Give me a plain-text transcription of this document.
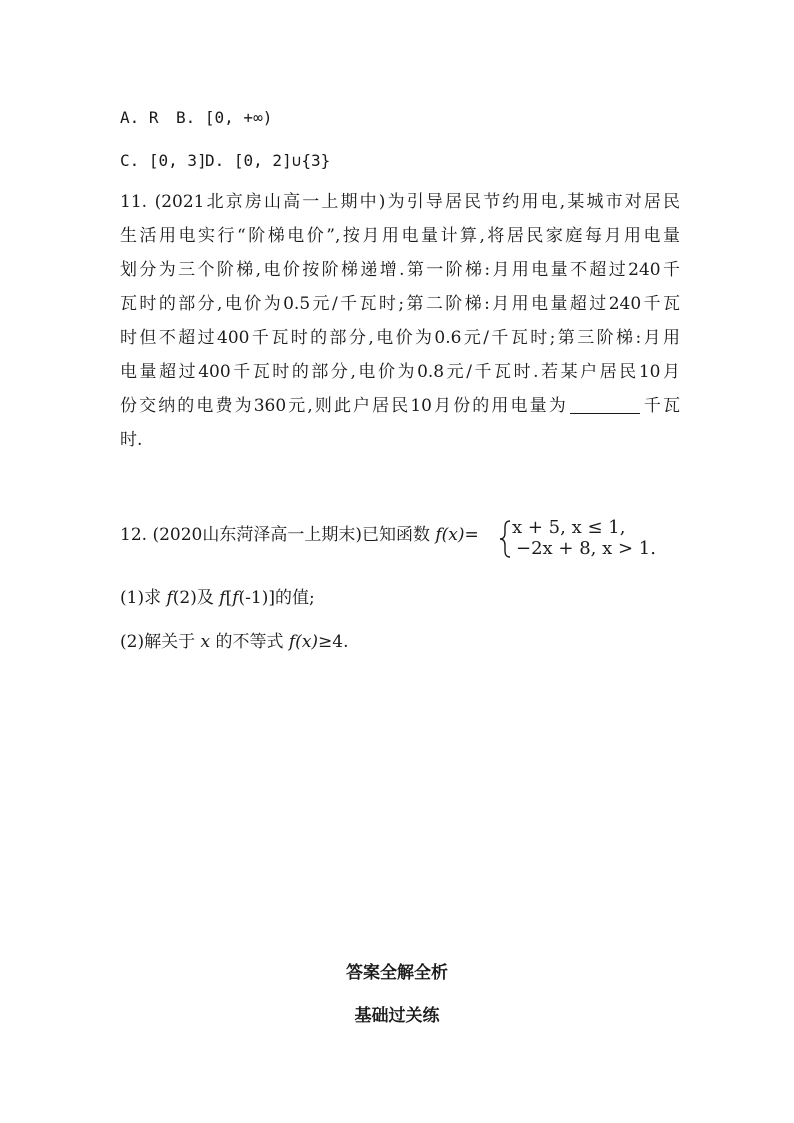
A. R B. [0, +∞)
C. [0, 3]
D. [0, 2]∪{3}
11. (2021北京房山高一上期中)为引导居民节约用电,某城市对居民
生活用电实行“阶梯电价”,按月用电量计算,将居民家庭每月用电量
划分为三个阶梯,电价按阶梯递增.第一阶梯:月用电量不超过240千
瓦时的部分,电价为0.5元/千瓦时;第二阶梯:月用电量超过240千瓦
时但不超过400千瓦时的部分,电价为0.6元/千瓦时;第三阶梯:月用
电量超过400千瓦时的部分,电价为0.8元/千瓦时.若某户居民10月
份交纳的电费为360元,则此户居民10月份的用电量为	千瓦
时.
12. (2020山东菏泽高一上期末)已知函数 f(x)= x + 5, x ≤ 1,
−2x + 8, x > 1.
(1)求 f(2)及 f[f(-1)]的值;
(2)解关于 x 的不等式 f(x)≥4.
答案全解全析
基础过关练
